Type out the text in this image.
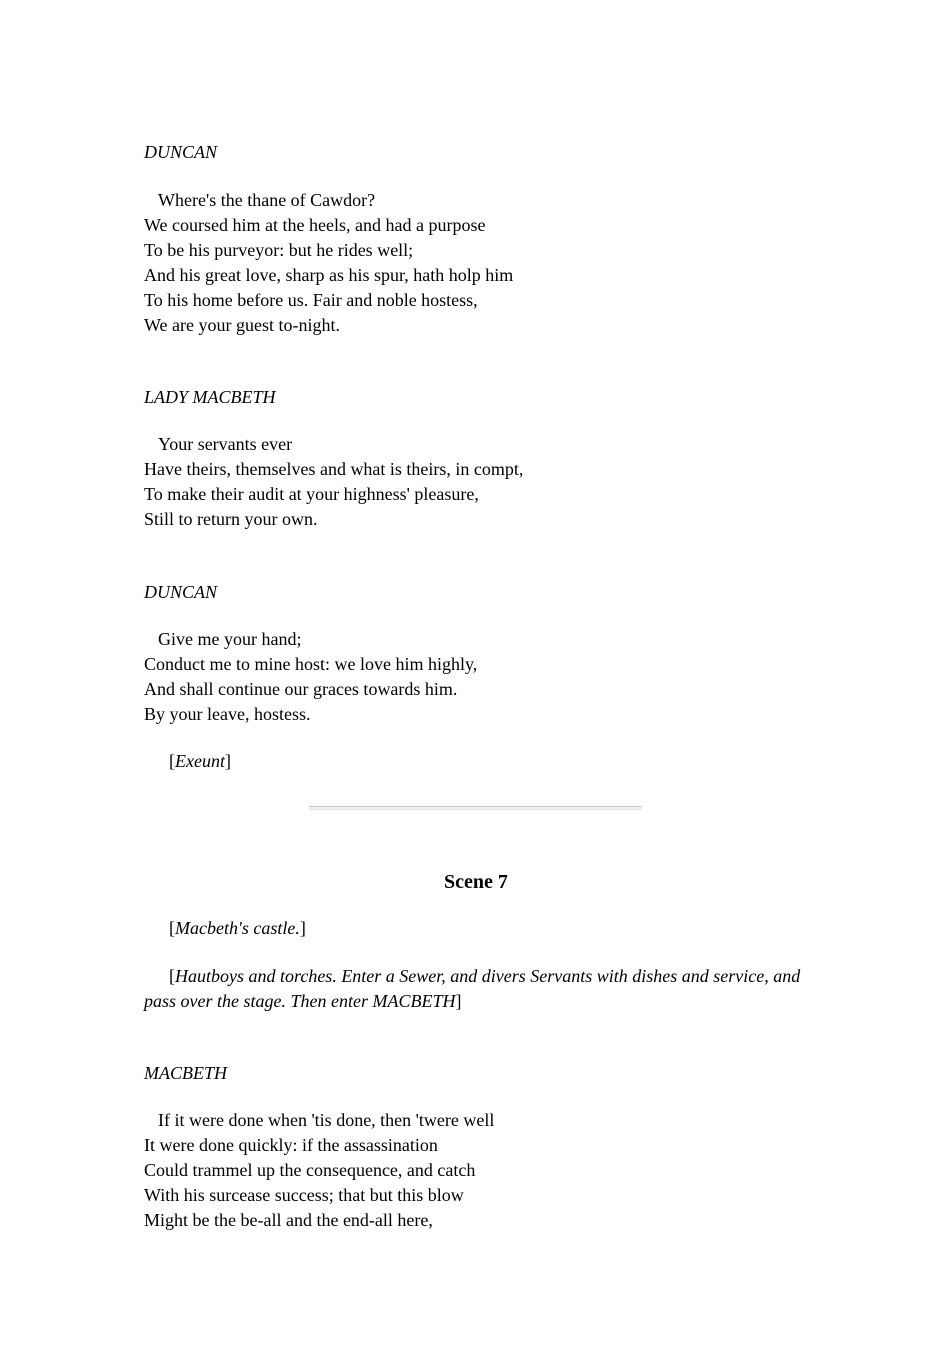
DUNCAN
Where's the thane of Cawdor?
We coursed him at the heels, and had a purpose
To be his purveyor: but he rides well;
And his great love, sharp as his spur, hath holp him
To his home before us. Fair and noble hostess,
We are your guest to-night.
LADY MACBETH
Your servants ever
Have theirs, themselves and what is theirs, in compt,
To make their audit at your highness' pleasure,
Still to return your own.
DUNCAN
Give me your hand;
Conduct me to mine host: we love him highly,
And shall continue our graces towards him.
By your leave, hostess.
[Exeunt]
Scene 7
[Macbeth's castle.]
[Hautboys and torches. Enter a Sewer, and divers Servants with dishes and service, and pass over the stage. Then enter MACBETH]
MACBETH
If it were done when 'tis done, then 'twere well
It were done quickly: if the assassination
Could trammel up the consequence, and catch
With his surcease success; that but this blow
Might be the be-all and the end-all here,
